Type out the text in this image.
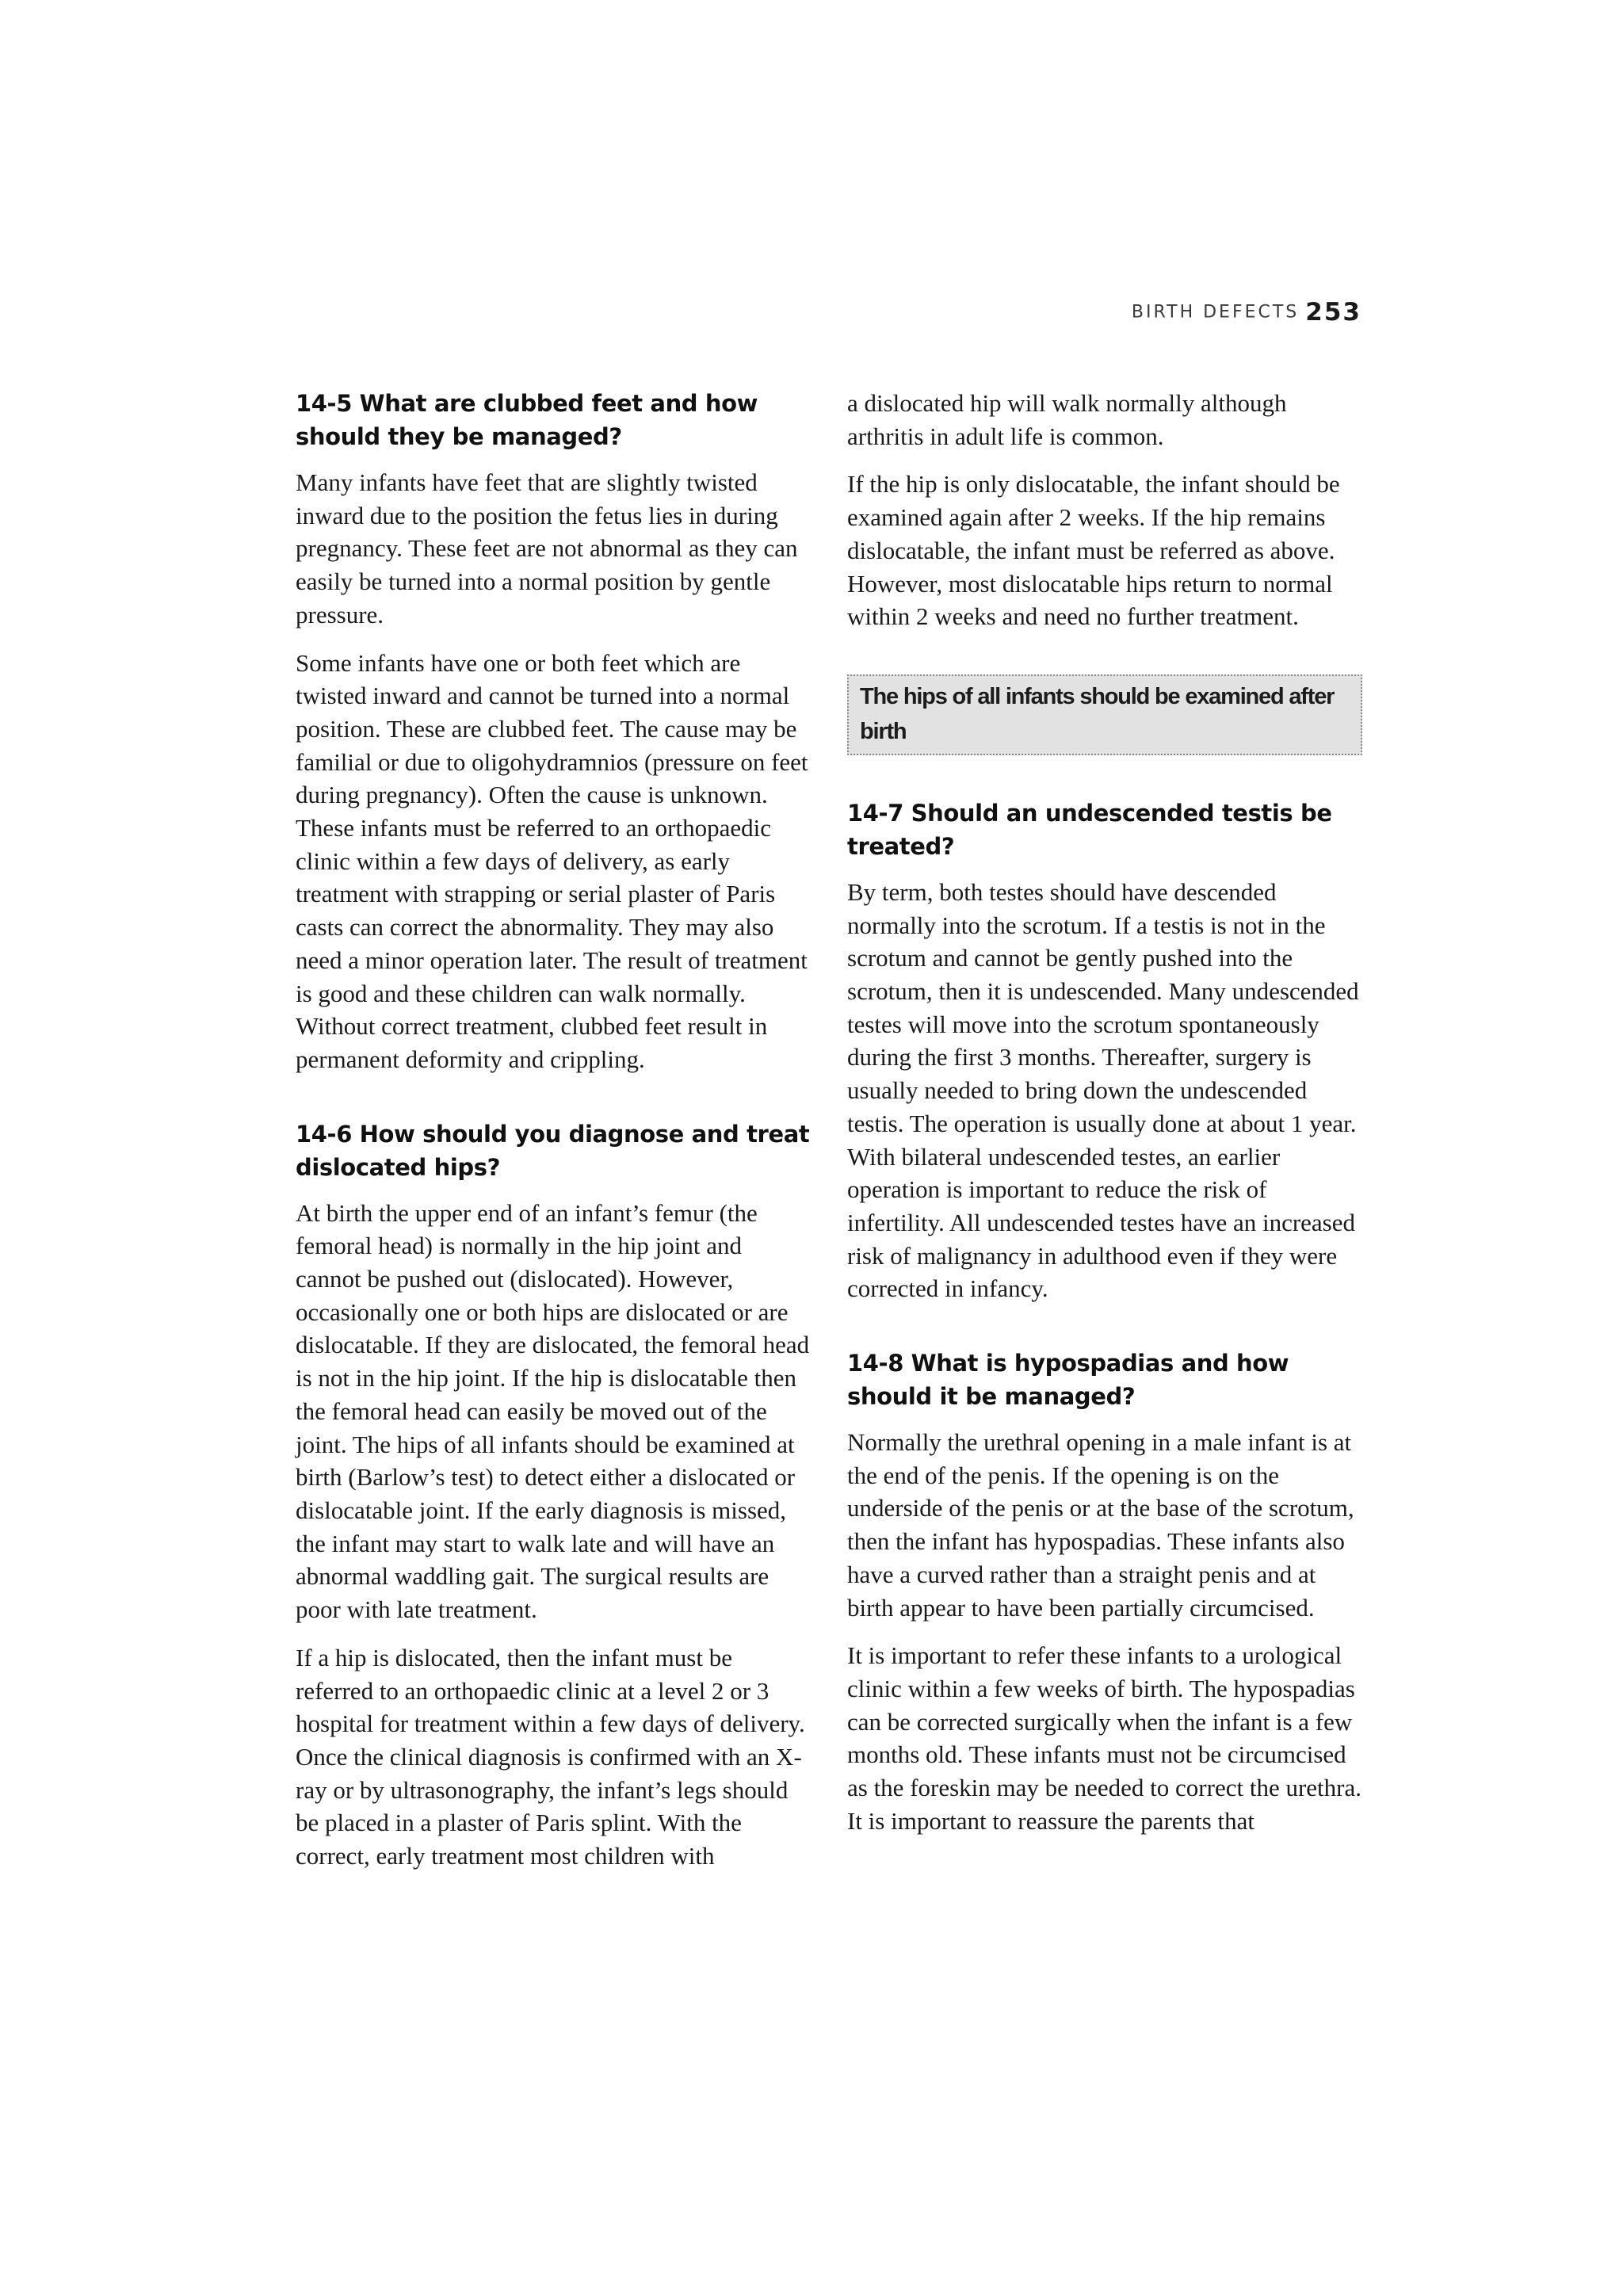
BIRTH DEFECTS 253
14-5 What are clubbed feet and how should they be managed?

Many infants have feet that are slightly twisted inward due to the position the fetus lies in during pregnancy. These feet are not abnormal as they can easily be turned into a normal position by gentle pressure.

Some infants have one or both feet which are twisted inward and cannot be turned into a normal position. These are clubbed feet. The cause may be familial or due to oligohydramnios (pressure on feet during pregnancy). Often the cause is unknown. These infants must be referred to an orthopaedic clinic within a few days of delivery, as early treatment with strapping or serial plaster of Paris casts can correct the abnormality. They may also need a minor operation later. The result of treatment is good and these children can walk normally. Without correct treatment, clubbed feet result in permanent deformity and crippling.

14-6 How should you diagnose and treat dislocated hips?

At birth the upper end of an infant’s femur (the femoral head) is normally in the hip joint and cannot be pushed out (dislocated). However, occasionally one or both hips are dislocated or are dislocatable. If they are dislocated, the femoral head is not in the hip joint. If the hip is dislocatable then the femoral head can easily be moved out of the joint. The hips of all infants should be examined at birth (Barlow’s test) to detect either a dislocated or dislocatable joint. If the early diagnosis is missed, the infant may start to walk late and will have an abnormal waddling gait. The surgical results are poor with late treatment.

If a hip is dislocated, then the infant must be referred to an orthopaedic clinic at a level 2 or 3 hospital for treatment within a few days of delivery. Once the clinical diagnosis is confirmed with an X-ray or by ultrasonography, the infant’s legs should be placed in a plaster of Paris splint. With the correct, early treatment most children with

a dislocated hip will walk normally although arthritis in adult life is common.

If the hip is only dislocatable, the infant should be examined again after 2 weeks. If the hip remains dislocatable, the infant must be referred as above. However, most dislocatable hips return to normal within 2 weeks and need no further treatment.

The hips of all infants should be examined after birth

14-7 Should an undescended testis be treated?

By term, both testes should have descended normally into the scrotum. If a testis is not in the scrotum and cannot be gently pushed into the scrotum, then it is undescended. Many undescended testes will move into the scrotum spontaneously during the first 3 months. Thereafter, surgery is usually needed to bring down the undescended testis. The operation is usually done at about 1 year. With bilateral undescended testes, an earlier operation is important to reduce the risk of infertility. All undescended testes have an increased risk of malignancy in adulthood even if they were corrected in infancy.

14-8 What is hypospadias and how should it be managed?

Normally the urethral opening in a male infant is at the end of the penis. If the opening is on the underside of the penis or at the base of the scrotum, then the infant has hypospadias. These infants also have a curved rather than a straight penis and at birth appear to have been partially circumcised.

It is important to refer these infants to a urological clinic within a few weeks of birth. The hypospadias can be corrected surgically when the infant is a few months old. These infants must not be circumcised as the foreskin may be needed to correct the urethra. It is important to reassure the parents that
